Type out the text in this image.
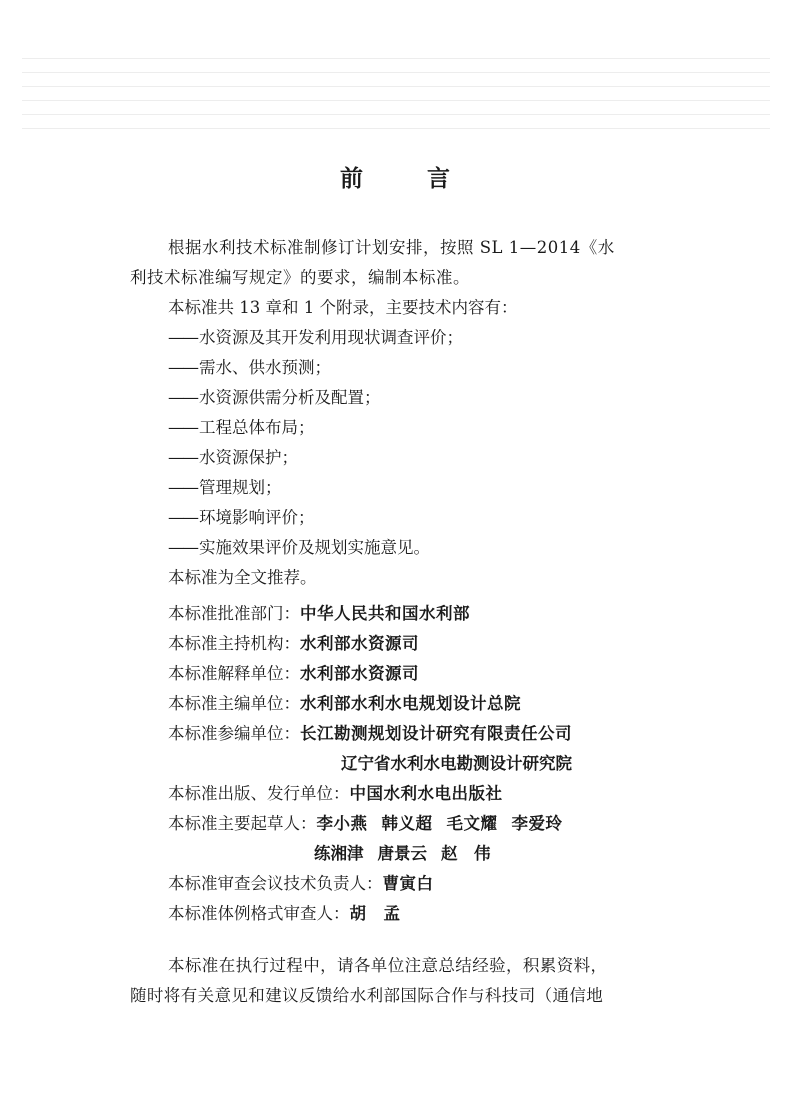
前	言

根据水利技术标准制修订计划安排，按照 SL 1—2014《水

利技术标准编写规定》的要求，编制本标准。

本标准共 13 章和 1 个附录，主要技术内容有：

—— 水资源及其开发利用现状调查评价；

—— 需水、供水预测；

—— 水资源供需分析及配置；

—— 工程总体布局；

—— 水资源保护；

—— 管理规划；

—— 环境影响评价；

—— 实施效果评价及规划实施意见。

本标准为全文推荐。

本标准批准部门： 中华人民共和国水利部
本标准主持机构： 水利部水资源司
本标准解释单位： 水利部水资源司
本标准主编单位： 水利部水利水电规划设计总院
本标准参编单位： 长江勘测规划设计研究有限责任公司
辽宁省水利水电勘测设计研究院
本标准出版、发行单位： 中国水利水电出版社
本标准主要起草人： 李小燕 韩义超 毛文耀 李爱玲
练湘津 唐景云 赵　伟
本标准审查会议技术负责人： 曹寅白
本标准体例格式审查人： 胡　孟

本标准在执行过程中，请各单位注意总结经验，积累资料，

随时将有关意见和建议反馈给水利部国际合作与科技司（通信地
